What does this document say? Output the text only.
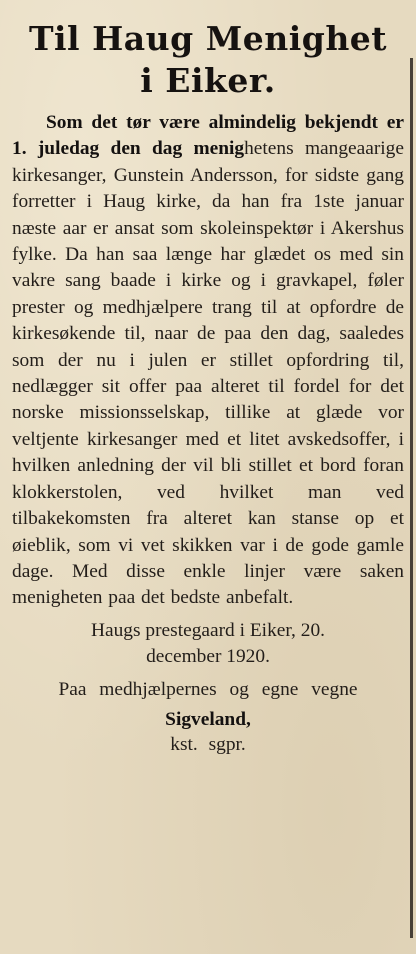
Til Haug Menighet
i Eiker.

Som det tør være almindelig bekjendt er 1. juledag den dag menighetens mangeaarige kirkesanger, Gunstein Andersson, for sidste gang forretter i Haug kirke, da han fra 1ste januar næste aar er ansat som skoleinspektør i Akershus fylke. Da han saa længe har glædet os med sin vakre sang baade i kirke og i gravkapel, føler prester og medhjælpere trang til at opfordre de kirkesøkende til, naar de paa den dag, saaledes som der nu i julen er stillet opfordring til, nedlægger sit offer paa alteret til fordel for det norske missionsselskap, tillike at glæde vor veltjente kirkesanger med et litet avskedsoffer, i hvilken anledning der vil bli stillet et bord foran klokkerstolen, ved hvilket man ved tilbakekomsten fra alteret kan stanse op et øieblik, som vi vet skikken var i de gode gamle dage. Med disse enkle linjer være saken menigheten paa det bedste anbefalt.

Haugs prestegaard i Eiker, 20.
december 1920.

Paa medhjælpernes og egne vegne

Sigveland,

kst. sgpr.
